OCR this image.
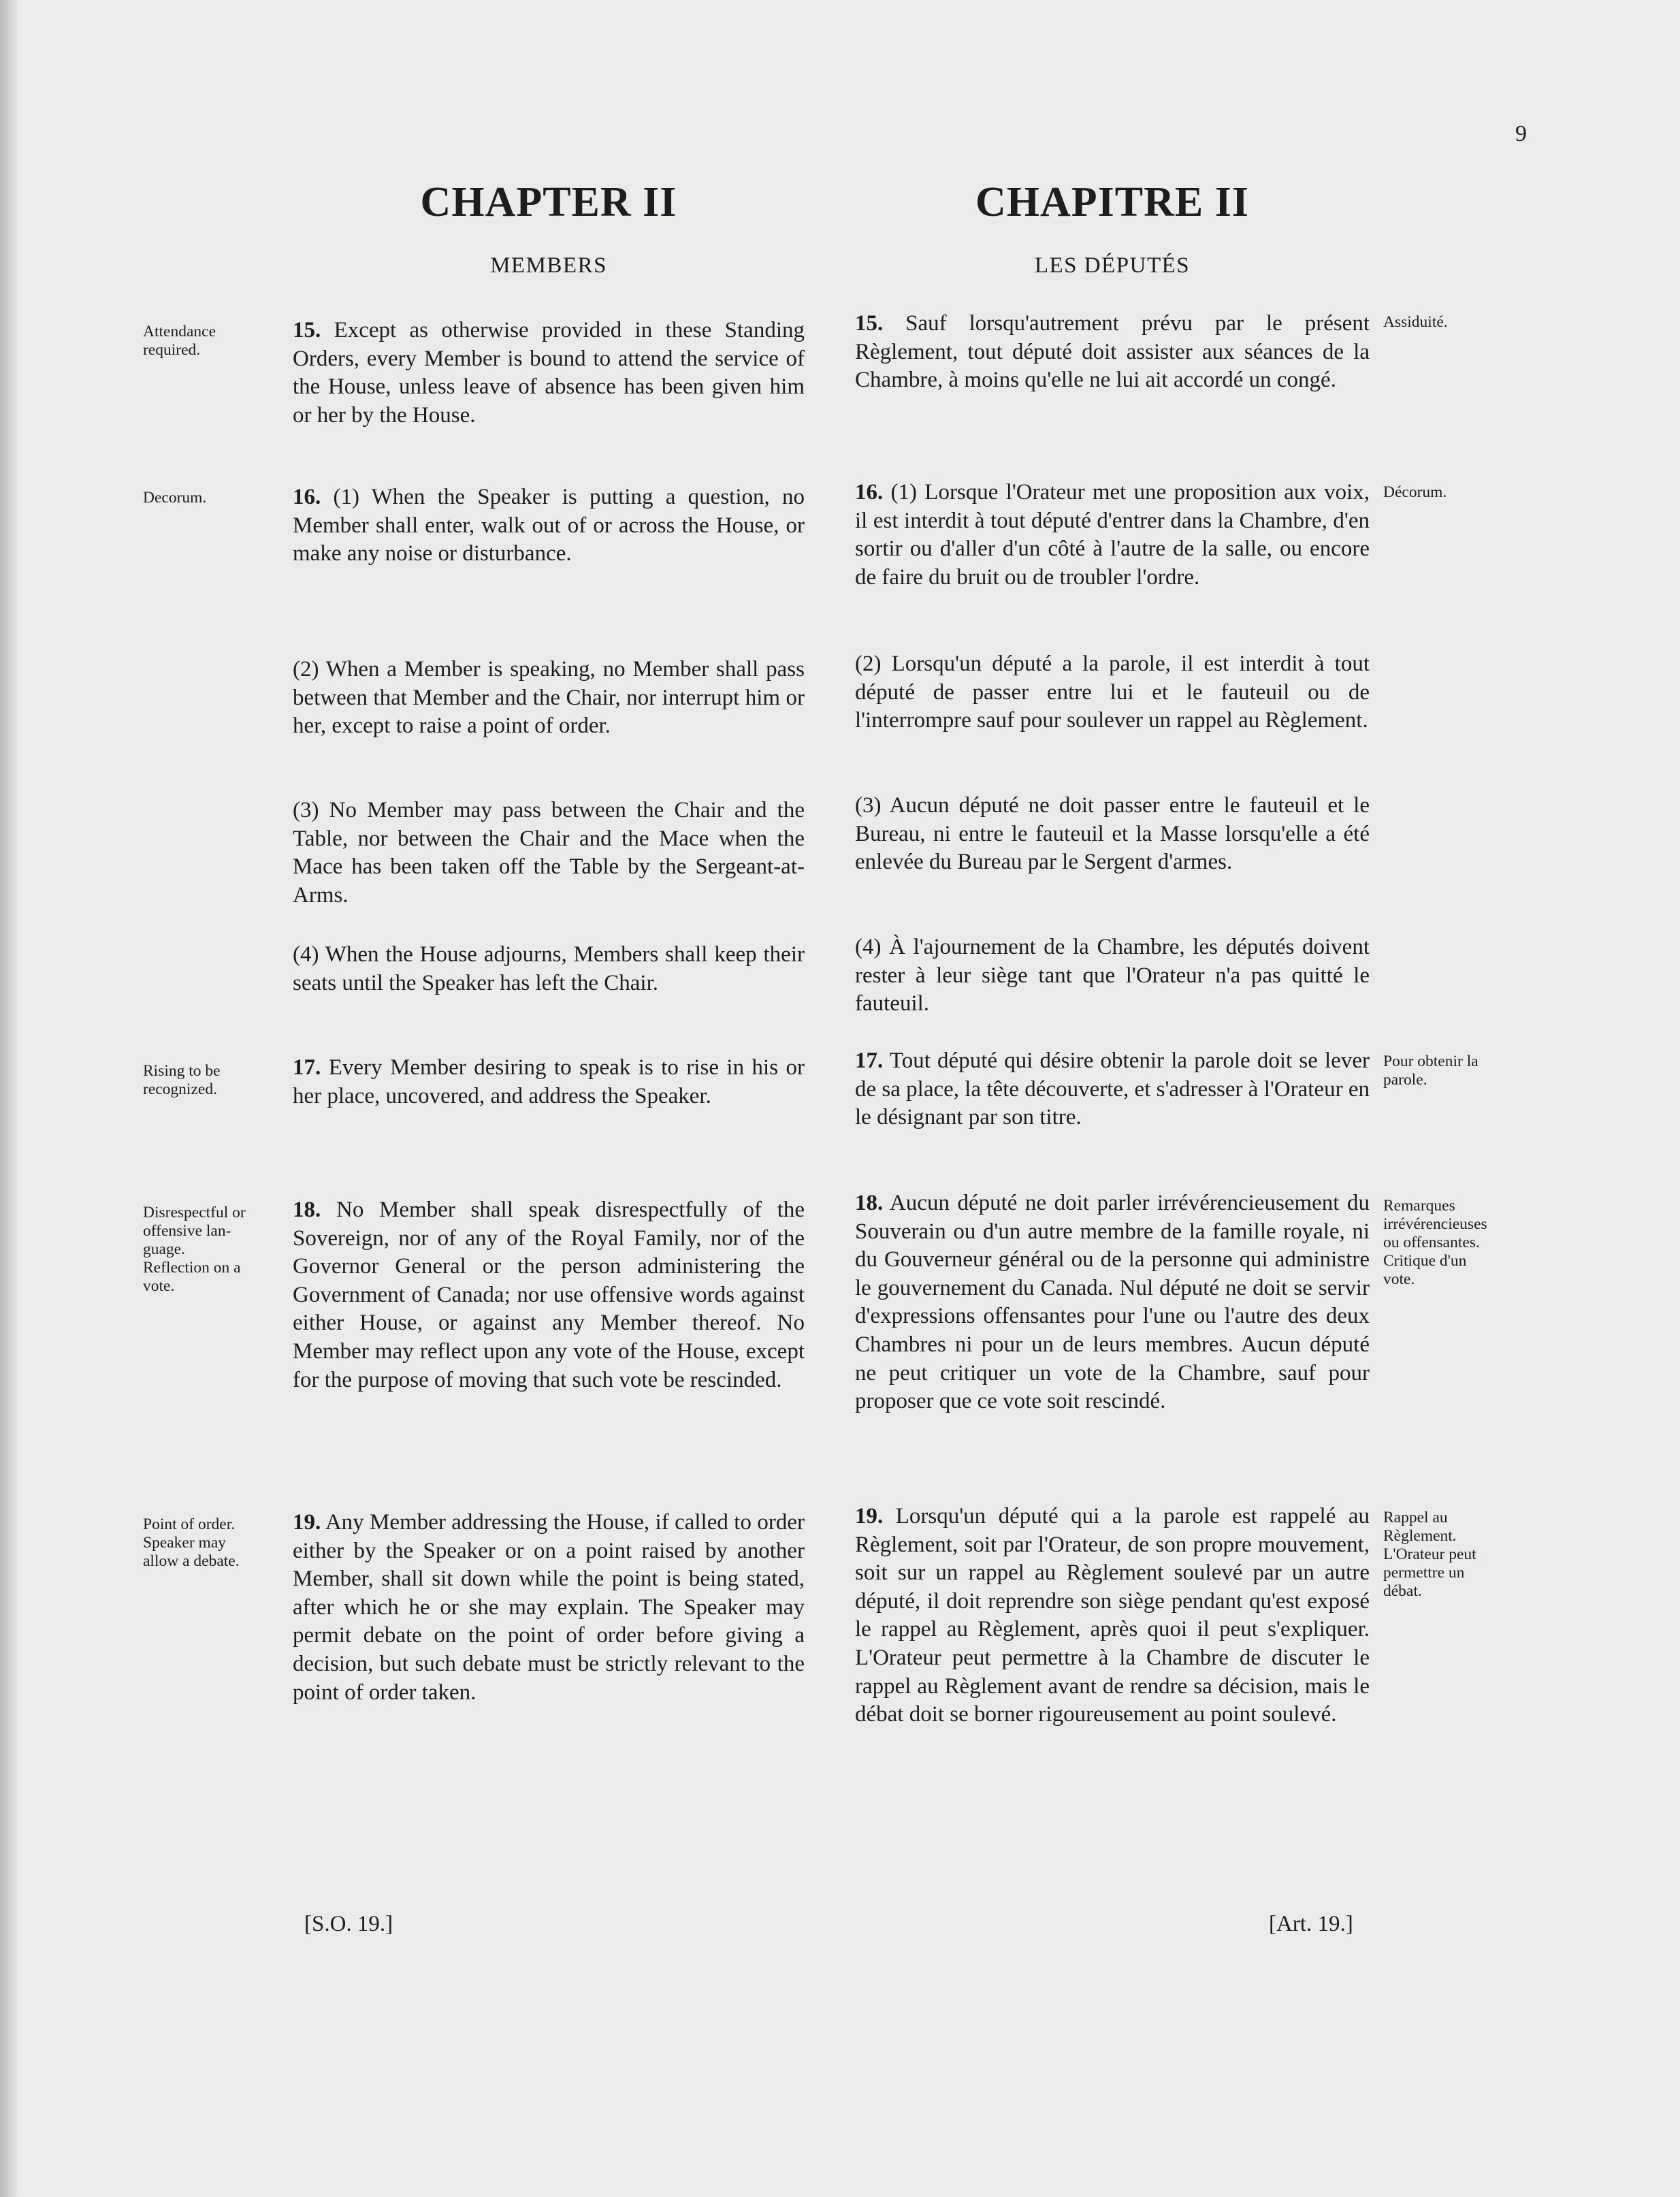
9
CHAPTER II
MEMBERS
CHAPITRE II
LES DÉPUTÉS
Attendance
required.
Decorum.
Rising to be
recognized.
Disrespectful or
offensive lan-
guage.
Reflection on a
vote.
Point of order.
Speaker may
allow a debate.
Assiduité.
Décorum.
Pour obtenir la
parole.
Remarques
irrévérencieuses
ou offensantes.
Critique d'un
vote.
Rappel au
Règlement.
L'Orateur peut
permettre un
débat.
15. Except as otherwise provided in these Standing Orders, every Member is bound to attend the service of the House, unless leave of absence has been given him or her by the House.
16. (1) When the Speaker is putting a question, no Member shall enter, walk out of or across the House, or make any noise or disturbance.
(2) When a Member is speaking, no Member shall pass between that Member and the Chair, nor interrupt him or her, except to raise a point of order.
(3) No Member may pass between the Chair and the Table, nor between the Chair and the Mace when the Mace has been taken off the Table by the Sergeant-at-Arms.
(4) When the House adjourns, Members shall keep their seats until the Speaker has left the Chair.
17. Every Member desiring to speak is to rise in his or her place, uncovered, and address the Speaker.
18. No Member shall speak disrespectfully of the Sovereign, nor of any of the Royal Family, nor of the Governor General or the person administering the Government of Canada; nor use offensive words against either House, or against any Member thereof. No Member may reflect upon any vote of the House, except for the purpose of moving that such vote be rescinded.
19. Any Member addressing the House, if called to order either by the Speaker or on a point raised by another Member, shall sit down while the point is being stated, after which he or she may explain. The Speaker may permit debate on the point of order before giving a decision, but such debate must be strictly relevant to the point of order taken.
15. Sauf lorsqu'autrement prévu par le présent Règlement, tout député doit assister aux séances de la Chambre, à moins qu'elle ne lui ait accordé un congé.
16. (1) Lorsque l'Orateur met une proposition aux voix, il est interdit à tout député d'entrer dans la Chambre, d'en sortir ou d'aller d'un côté à l'autre de la salle, ou encore de faire du bruit ou de troubler l'ordre.
(2) Lorsqu'un député a la parole, il est interdit à tout député de passer entre lui et le fauteuil ou de l'interrompre sauf pour soulever un rappel au Règlement.
(3) Aucun député ne doit passer entre le fauteuil et le Bureau, ni entre le fauteuil et la Masse lorsqu'elle a été enlevée du Bureau par le Sergent d'armes.
(4) À l'ajournement de la Chambre, les députés doivent rester à leur siège tant que l'Orateur n'a pas quitté le fauteuil.
17. Tout député qui désire obtenir la parole doit se lever de sa place, la tête découverte, et s'adresser à l'Orateur en le désignant par son titre.
18. Aucun député ne doit parler irrévérencieusement du Souverain ou d'un autre membre de la famille royale, ni du Gouverneur général ou de la personne qui administre le gouvernement du Canada. Nul député ne doit se servir d'expressions offensantes pour l'une ou l'autre des deux Chambres ni pour un de leurs membres. Aucun député ne peut critiquer un vote de la Chambre, sauf pour proposer que ce vote soit rescindé.
19. Lorsqu'un député qui a la parole est rappelé au Règlement, soit par l'Orateur, de son propre mouvement, soit sur un rappel au Règlement soulevé par un autre député, il doit reprendre son siège pendant qu'est exposé le rappel au Règlement, après quoi il peut s'expliquer. L'Orateur peut permettre à la Chambre de discuter le rappel au Règlement avant de rendre sa décision, mais le débat doit se borner rigoureusement au point soulevé.
[S.O. 19.]	[Art. 19.]
